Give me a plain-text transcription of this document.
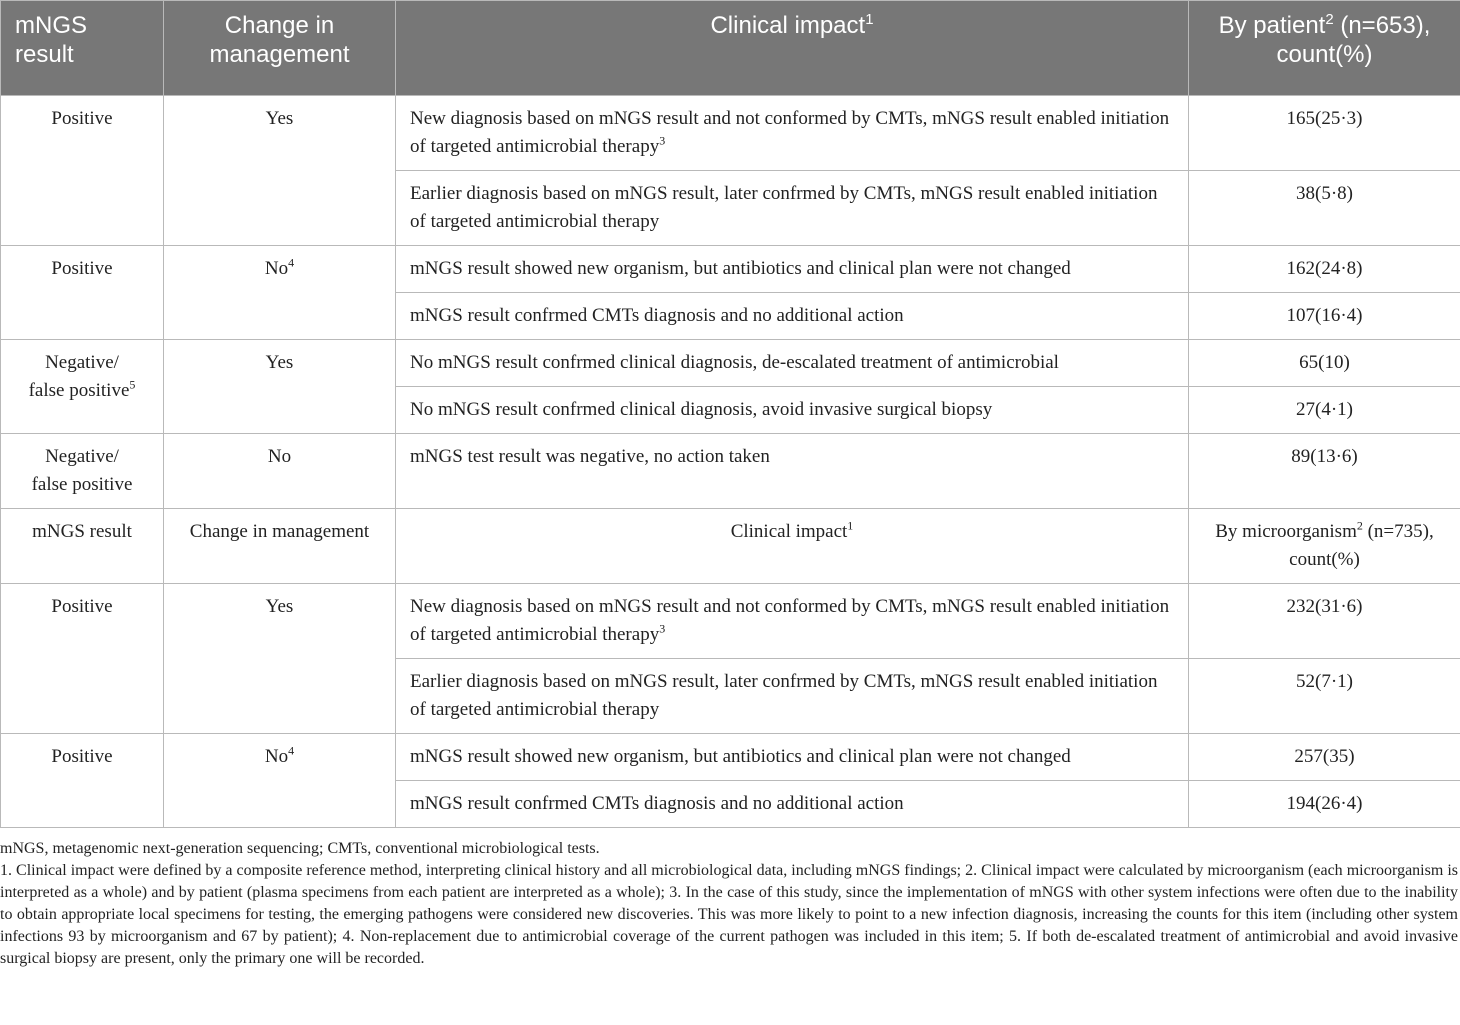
mNGS result	Change in management	Clinical impact$^1$	By patient$^2$ (n=653),
count(%)
Positive	Yes	New diagnosis based on mNGS result and not conformed by CMTs, mNGS result enabled initiation of targeted antimicrobial therapy$^3$	165(25·3)
		Earlier diagnosis based on mNGS result, later confrmed by CMTs, mNGS result enabled initiation of targeted antimicrobial therapy	38(5·8)
Positive	No$^4$	mNGS result showed new organism, but antibiotics and clinical plan were not changed	162(24·8)
		mNGS result confrmed CMTs diagnosis and no additional action	107(16·4)
Negative/
false positive$^5$	Yes	No mNGS result confrmed clinical diagnosis, de-escalated treatment of antimicrobial	65(10)
		No mNGS result confrmed clinical diagnosis, avoid invasive surgical biopsy	27(4·1)
Negative/
false positive	No	mNGS test result was negative, no action taken	89(13·6)
mNGS result	Change in management	Clinical impact$^1$	By microorganism$^2$ (n=735),
count(%)
Positive	Yes	New diagnosis based on mNGS result and not conformed by CMTs, mNGS result enabled initiation of targeted antimicrobial therapy$^3$	232(31·6)
		Earlier diagnosis based on mNGS result, later confrmed by CMTs, mNGS result enabled initiation of targeted antimicrobial therapy	52(7·1)
Positive	No$^4$	mNGS result showed new organism, but antibiotics and clinical plan were not changed	257(35)
		mNGS result confrmed CMTs diagnosis and no additional action	194(26·4)

mNGS, metagenomic next-generation sequencing; CMTs, conventional microbiological tests.

1. Clinical impact were defined by a composite reference method, interpreting clinical history and all microbiological data, including mNGS findings; 2. Clinical impact were calculated by microorganism (each microorganism is interpreted as a whole) and by patient (plasma specimens from each patient are interpreted as a whole); 3. In the case of this study, since the implementation of mNGS with other system infections were often due to the inability to obtain appropriate local specimens for testing, the emerging pathogens were considered new discoveries. This was more likely to point to a new infection diagnosis, increasing the counts for this item (including other system infections 93 by microorganism and 67 by patient); 4. Non-replacement due to antimicrobial coverage of the current pathogen was included in this item; 5. If both de-escalated treatment of antimicrobial and avoid invasive surgical biopsy are present, only the primary one will be recorded.
